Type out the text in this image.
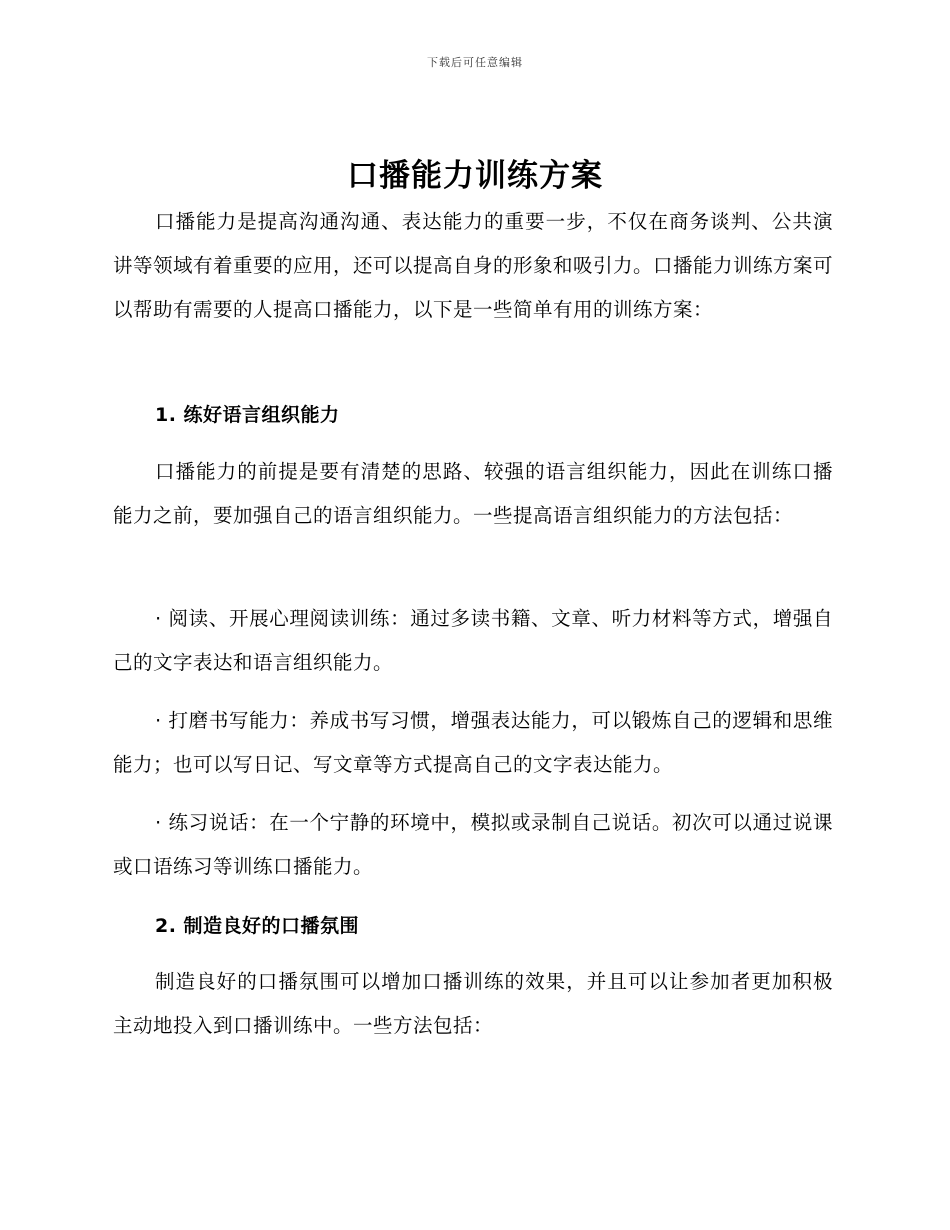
下载后可任意编辑
口播能力训练方案
口播能力是提高沟通沟通、表达能力的重要一步，不仅在商务谈判、公共演讲等领域有着重要的应用，还可以提高自身的形象和吸引力。口播能力训练方案可以帮助有需要的人提高口播能力，以下是一些简单有用的训练方案：
1. 练好语言组织能力
口播能力的前提是要有清楚的思路、较强的语言组织能力，因此在训练口播能力之前，要加强自己的语言组织能力。一些提高语言组织能力的方法包括：
· 阅读、开展心理阅读训练：通过多读书籍、文章、听力材料等方式，增强自己的文字表达和语言组织能力。
· 打磨书写能力：养成书写习惯，增强表达能力，可以锻炼自己的逻辑和思维能力；也可以写日记、写文章等方式提高自己的文字表达能力。
· 练习说话：在一个宁静的环境中，模拟或录制自己说话。初次可以通过说课或口语练习等训练口播能力。
2. 制造良好的口播氛围
制造良好的口播氛围可以增加口播训练的效果，并且可以让参加者更加积极主动地投入到口播训练中。一些方法包括：
